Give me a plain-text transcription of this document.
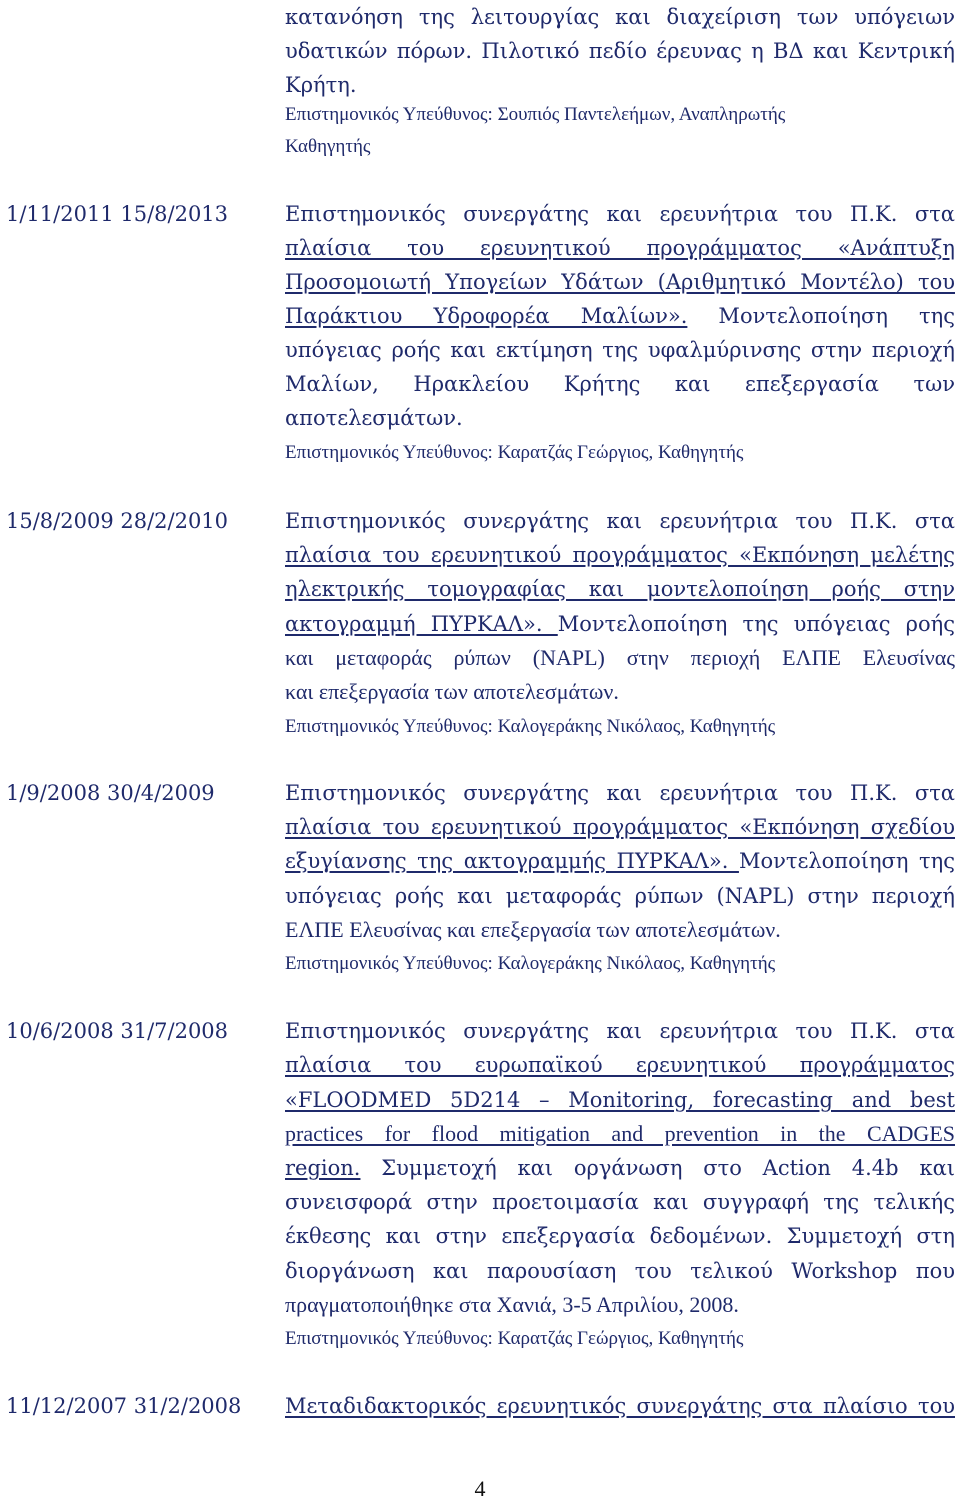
κατανόηση της λειτουργίας και διαχείριση των υπόγειων
υδατικών πόρων. Πιλοτικό πεδίο έρευνας η ΒΔ και Κεντρική
Κρήτη.
Επιστημονικός Υπεύθυνος: Σουπιός Παντελεήμων, Αναπληρωτής
Καθηγητής
1/11/2011 15/8/2013	Επιστημονικός συνεργάτης και ερευνήτρια του Π.Κ. στα
πλαίσια του ερευνητικού προγράμματος «Ανάπτυξη
Προσομοιωτή Υπογείων Υδάτων (Αριθμητικό Μοντέλο) του
Παράκτιου Υδροφορέα Μαλίων». Μοντελοποίηση της
υπόγειας ροής και εκτίμηση της υφαλμύρινσης στην περιοχή
Μαλίων, Ηρακλείου Κρήτης και επεξεργασία των
αποτελεσμάτων.
Επιστημονικός Υπεύθυνος: Καρατζάς Γεώργιος, Καθηγητής
15/8/2009 28/2/2010	Επιστημονικός συνεργάτης και ερευνήτρια του Π.Κ. στα
πλαίσια του ερευνητικού προγράμματος «Εκπόνηση μελέτης
ηλεκτρικής τομογραφίας και μοντελοποίηση ροής στην
ακτογραμμή ΠΥΡΚΑΛ». Μοντελοποίηση της υπόγειας ροής
και μεταφοράς ρύπων (NAPL) στην περιοχή ΕΛΠΕ Ελευσίνας
και επεξεργασία των αποτελεσμάτων.
Επιστημονικός Υπεύθυνος: Καλογεράκης Νικόλαος, Καθηγητής
1/9/2008 30/4/2009	Επιστημονικός συνεργάτης και ερευνήτρια του Π.Κ. στα
πλαίσια του ερευνητικού προγράμματος «Εκπόνηση σχεδίου
εξυγίανσης της ακτογραμμής ΠΥΡΚΑΛ». Μοντελοποίηση της
υπόγειας ροής και μεταφοράς ρύπων (NAPL) στην περιοχή
ΕΛΠΕ Ελευσίνας και επεξεργασία των αποτελεσμάτων.
Επιστημονικός Υπεύθυνος: Καλογεράκης Νικόλαος, Καθηγητής
10/6/2008 31/7/2008	Επιστημονικός συνεργάτης και ερευνήτρια του Π.Κ. στα
πλαίσια του ευρωπαϊκού ερευνητικού προγράμματος
«FLOODMED 5D214 – Monitoring, forecasting and best
practices for flood mitigation and prevention in the CADGES
region. Συμμετοχή και οργάνωση στο Action 4.4b και
συνεισφορά στην προετοιμασία και συγγραφή της τελικής
έκθεσης και στην επεξεργασία δεδομένων. Συμμετοχή στη
διοργάνωση και παρουσίαση του τελικού Workshop που
πραγματοποιήθηκε στα Χανιά, 3-5 Απριλίου, 2008.
Επιστημονικός Υπεύθυνος: Καρατζάς Γεώργιος, Καθηγητής
11/12/2007 31/2/2008 Μεταδιδακτορικός ερευνητικός συνεργάτης στα πλαίσιο του
4
